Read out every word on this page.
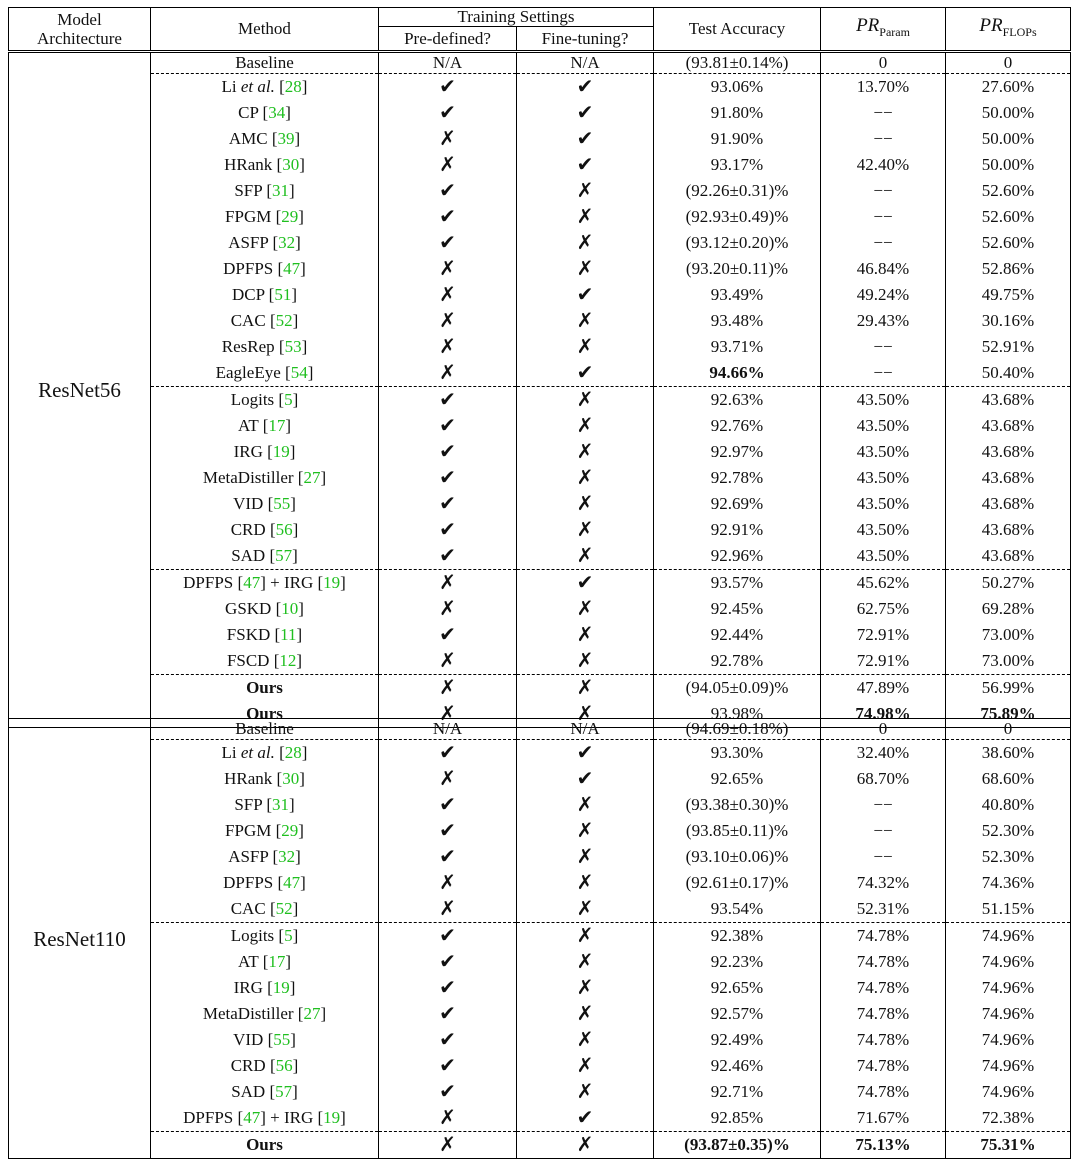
Model
Architecture	Method	Training Settings		Test Accuracy	$PR_{Param}$	$PR_{FLOPs}$
		Pre-defined?	Fine-tuning?			
ResNet56	Baseline	N/A	N/A	(93.81±0.14%)	0	0
	Li et al. [28]	✔	✔	93.06%	13.70%	27.60%
	CP [34]	✔	✔	91.80%	−−	50.00%
	AMC [39]	✗	✔	91.90%	−−	50.00%
	HRank [30]	✗	✔	93.17%	42.40%	50.00%
	SFP [31]	✔	✗	(92.26±0.31)%	−−	52.60%
	FPGM [29]	✔	✗	(92.93±0.49)%	−−	52.60%
	ASFP [32]	✔	✗	(93.12±0.20)%	−−	52.60%
	DPFPS [47]	✗	✗	(93.20±0.11)%	46.84%	52.86%
	DCP [51]	✗	✔	93.49%	49.24%	49.75%
	CAC [52]	✗	✗	93.48%	29.43%	30.16%
	ResRep [53]	✗	✗	93.71%	−−	52.91%
	EagleEye [54]	✗	✔	94.66%	−−	50.40%
	Logits [5]	✔	✗	92.63%	43.50%	43.68%
	AT [17]	✔	✗	92.76%	43.50%	43.68%
	IRG [19]	✔	✗	92.97%	43.50%	43.68%
	MetaDistiller [27]	✔	✗	92.78%	43.50%	43.68%
	VID [55]	✔	✗	92.69%	43.50%	43.68%
	CRD [56]	✔	✗	92.91%	43.50%	43.68%
	SAD [57]	✔	✗	92.96%	43.50%	43.68%
	DPFPS [47] + IRG [19]	✗	✔	93.57%	45.62%	50.27%
	GSKD [10]	✗	✗	92.45%	62.75%	69.28%
	FSKD [11]	✔	✗	92.44%	72.91%	73.00%
	FSCD [12]	✗	✗	92.78%	72.91%	73.00%
	Ours	✗	✗	(94.05±0.09)%	47.89%	56.99%
	Ours	✗	✗	93.98%	74.98%	75.89%
ResNet110	Baseline	N/A	N/A	(94.69±0.18%)	0	0
	Li et al. [28]	✔	✔	93.30%	32.40%	38.60%
	HRank [30]	✗	✔	92.65%	68.70%	68.60%
	SFP [31]	✔	✗	(93.38±0.30)%	−−	40.80%
	FPGM [29]	✔	✗	(93.85±0.11)%	−−	52.30%
	ASFP [32]	✔	✗	(93.10±0.06)%	−−	52.30%
	DPFPS [47]	✗	✗	(92.61±0.17)%	74.32%	74.36%
	CAC [52]	✗	✗	93.54%	52.31%	51.15%
	Logits [5]	✔	✗	92.38%	74.78%	74.96%
	AT [17]	✔	✗	92.23%	74.78%	74.96%
	IRG [19]	✔	✗	92.65%	74.78%	74.96%
	MetaDistiller [27]	✔	✗	92.57%	74.78%	74.96%
	VID [55]	✔	✗	92.49%	74.78%	74.96%
	CRD [56]	✔	✗	92.46%	74.78%	74.96%
	SAD [57]	✔	✗	92.71%	74.78%	74.96%
	DPFPS [47] + IRG [19]	✗	✔	92.85%	71.67%	72.38%
	Ours	✗	✗	(93.87±0.35)%	75.13%	75.31%
